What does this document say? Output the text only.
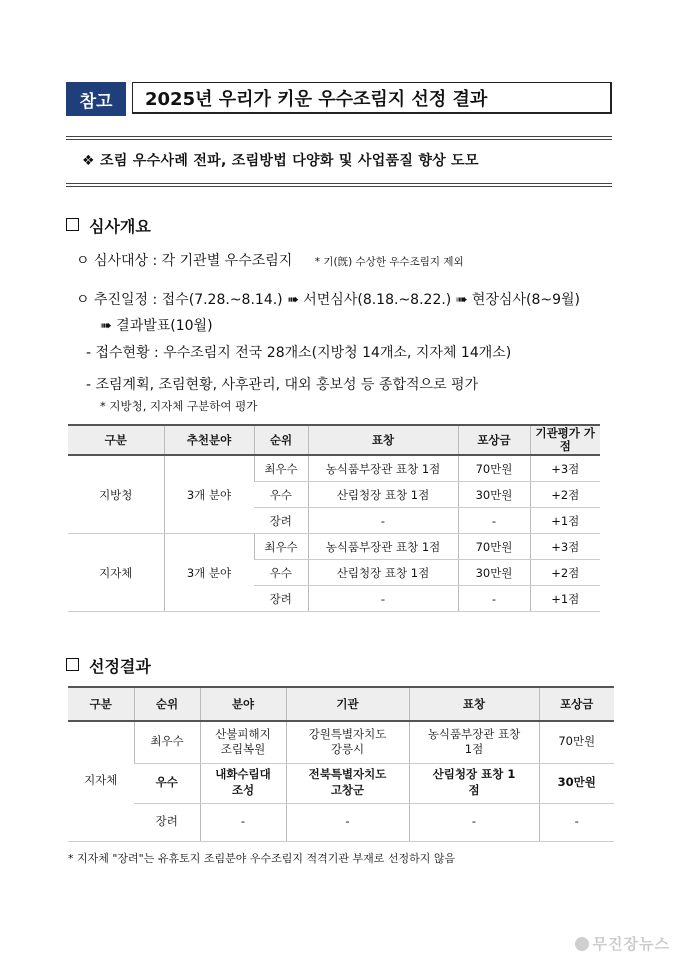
참고	2025년 우리가 키운 우수조림지 선정 결과
❖ 조림 우수사례 전파, 조림방법 다양화 및 사업품질 향상 도모
심사개요
ㅇ 심사대상 : 각 기관별 우수조림지 * 기(旣) 수상한 우수조림지 제외
ㅇ 추진일정 : 접수(7.28.~8.14.) ➠ 서면심사(8.18.~8.22.) ➠ 현장심사(8~9월)
➠ 결과발표(10월)
- 접수현황 : 우수조림지 전국 28개소(지방청 14개소, 지자체 14개소)
- 조림계획, 조림현황, 사후관리, 대외 홍보성 등 종합적으로 평가
* 지방청, 지자체 구분하여 평가
구분	추천분야	순위	표창	포상금	기관평가 가점
지방청	3개 분야	최우수	농식품부장관 표창 1점	70만원	+3점
		우수	산림청장 표창 1점	30만원	+2점
		장려	-	-	+1점
지자체	3개 분야	최우수	농식품부장관 표창 1점	70만원	+3점
		우수	산림청장 표창 1점	30만원	+2점
		장려	-	-	+1점
선정결과
구분	순위	분야	기관	표창	포상금
지자체	최우수	산불피해지 조림복원	강원특별자치도 강릉시	농식품부장관 표창 1점	70만원
	우수	내화수림대 조성	전북특별자치도 고창군	산림청장 표창 1점	30만원
	장려	-	-	-	-
* 지자체 "장려"는 유휴토지 조림분야 우수조림지 적격기관 부재로 선정하지 않음
무진장뉴스
